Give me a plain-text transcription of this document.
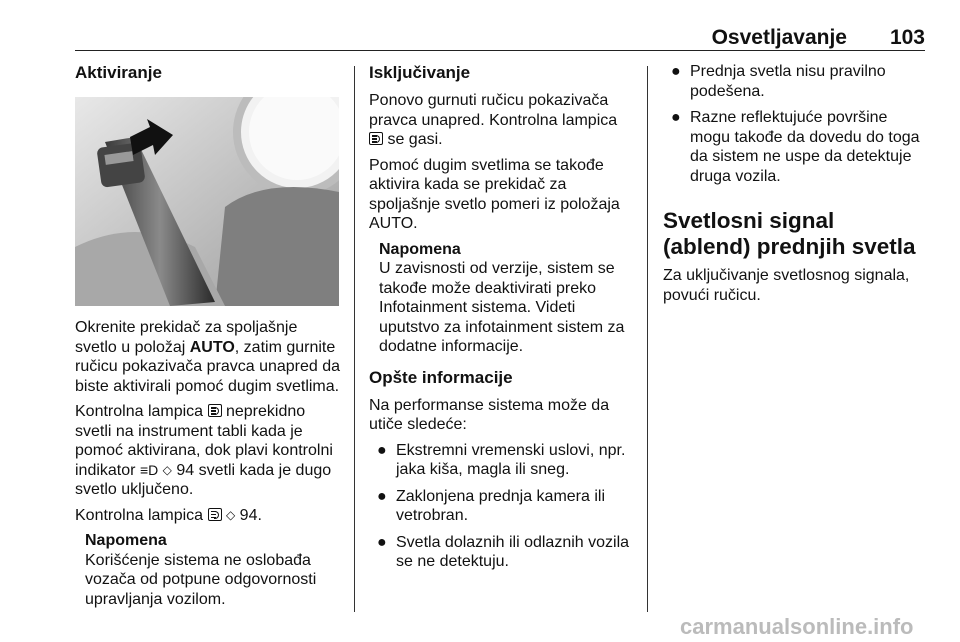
Osvetljavanje 103
Aktiviranje

Okrenite prekidač za spoljašnje svetlo u položaj AUTO, zatim gurnite ručicu pokazivača pravca unapred da biste aktivirali pomoć dugim svetlima.

Kontrolna lampica  neprekidno svetli na instrument tabli kada je pomoć aktivirana, dok plavi kontrolni indikator ≡D ◇ 94 svetli kada je dugo svetlo uključeno.

Kontrolna lampica ◇ 94.

Napomena
Korišćenje sistema ne oslobađa vozača od potpune odgovornosti upravljanja vozilom.
Isključivanje

Ponovo gurnuti ručicu pokazivača pravca unapred. Kontrolna lampica  se gasi.

Pomoć dugim svetlima se takođe aktivira kada se prekidač za spoljašnje svetlo pomeri iz položaja AUTO.

Napomena
U zavisnosti od verzije, sistem se takođe može deaktivirati preko Infotainment sistema. Videti uputstvo za infotainment sistem za dodatne informacije.
Opšte informacije

Na performanse sistema može da utiče sledeće:

● Ekstremni vremenski uslovi, npr. jaka kiša, magla ili sneg.
● Zaklonjena prednja kamera ili vetrobran.
● Svetla dolaznih ili odlaznih vozila se ne detektuju.
● Prednja svetla nisu pravilno podešena.
● Razne reflektujuće površine mogu takođe da dovedu do toga da sistem ne uspe da detektuje druga vozila.
Svetlosni signal (ablend) prednjih svetla

Za uključivanje svetlosnog signala, povući ručicu.

carmanualsonline.info
